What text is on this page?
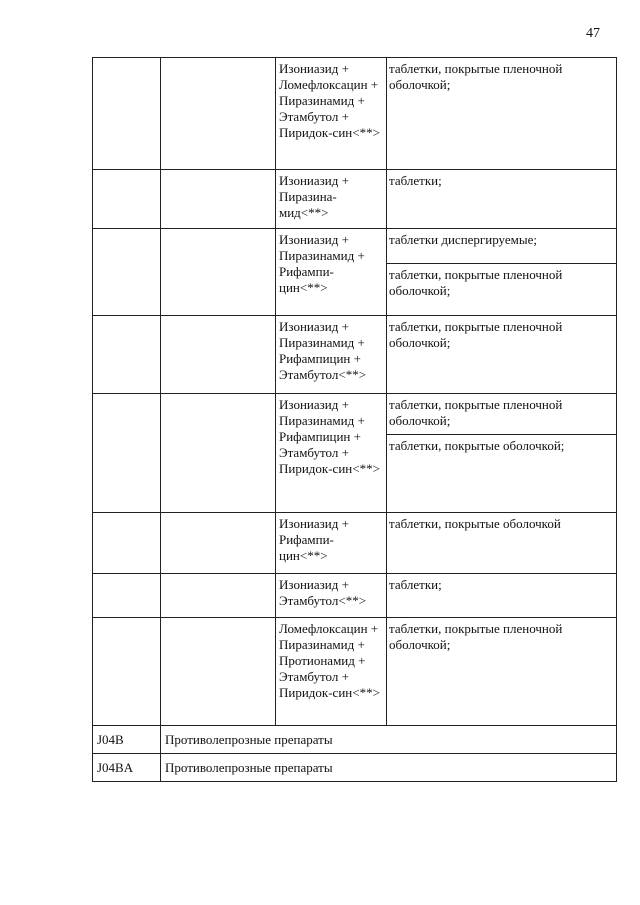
47
		Изониазид + Ломефлоксацин + Пиразинамид + Этамбутол + Пиридок-син<**>	таблетки, покрытые пленочной оболочкой;

		Изониазид + Пиразина-мид<**>	таблетки;

		Изониазид + Пиразинамид + Рифампи-цин<**>	таблетки диспергируемые;
таблетки, покрытые пленочной оболочкой;

		Изониазид + Пиразинамид + Рифампицин + Этамбутол<**>	таблетки, покрытые пленочной оболочкой;

		Изониазид + Пиразинамид + Рифампицин + Этамбутол + Пиридок-син<**>	таблетки, покрытые пленочной оболочкой;
таблетки, покрытые оболочкой;

		Изониазид + Рифампи-цин<**>	таблетки, покрытые оболочкой

		Изониазид + Этамбутол<**>	таблетки;

		Ломефлоксацин + Пиразинамид + Протионамид + Этамбутол + Пиридок-син<**>	таблетки, покрытые пленочной оболочкой;

J04B	Противолепрозные препараты		
J04BA	Противолепрозные препараты		
